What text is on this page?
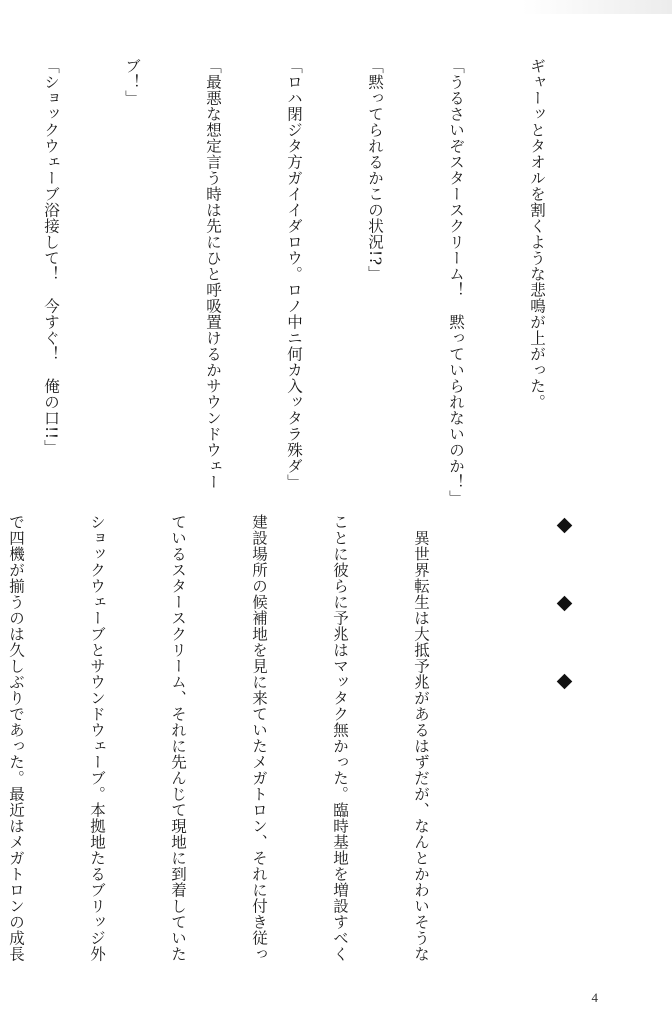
ギャーッとタオルを割くような悲鳴が上がった。

「うるさいぞスタースクリーム！　黙っていられないのか！」

「黙ってられるかこの状況!?」

「ロハ閉ジタ方ガイイダロウ。ロノ中ニ何カ入ッタラ殊ダ」

「最悪な想定言う時は先にひと呼吸置けるかサウンドウェー

ブ！」

「ショックウェーブ浴接して！　今すぐ！　俺の口!!」

　異世界転生は大抵予兆があるはずだが、なんとかわいそうな

ことに彼らに予兆はマッタク無かった。臨時基地を増設すべく

建設場所の候補地を見に来ていたメガトロン、それに付き従っ

ているスタースクリーム、それに先んじて現地に到着していた

ショックウェーブとサウンドウェーブ。本拠地たるブリッジ外

で四機が揃うのは久しぶりであった。最近はメガトロンの成長

4
